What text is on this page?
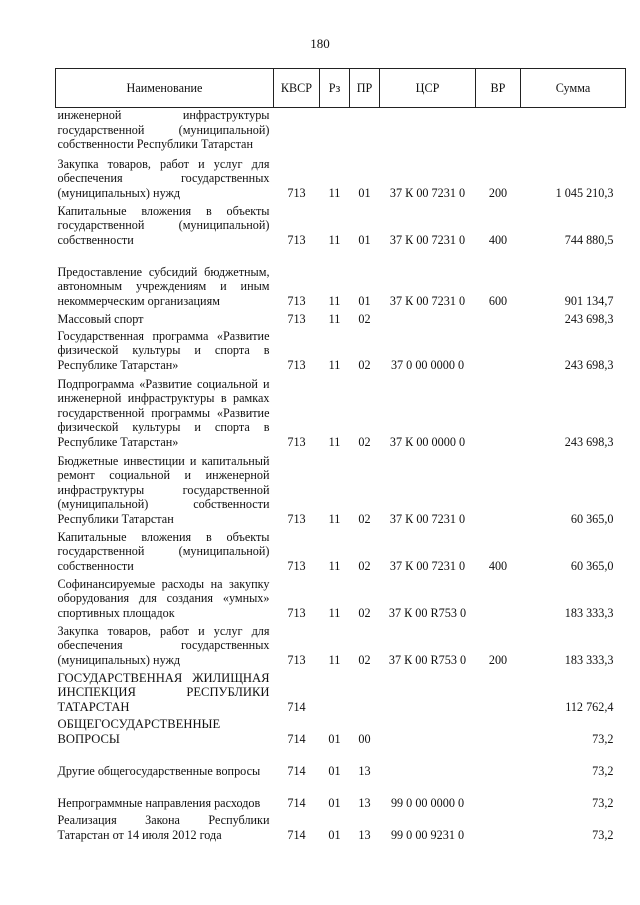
180
Наименование	КВСР	Рз	ПР	ЦСР	ВР	Сумма
инженерной инфраструктуры государственной (муниципальной) собственности Республики Татарстан						
Закупка товаров, работ и услуг для обеспечения государственных (муниципальных) нужд	713	11	01	37 К 00 7231 0	200	1 045 210,3
Капитальные вложения в объекты государственной (муниципальной) собственности	713	11	01	37 К 00 7231 0	400	744 880,5
Предоставление субсидий бюджетным, автономным учреждениям и иным некоммерческим организациям	713	11	01	37 К 00 7231 0	600	901 134,7
Массовый спорт	713	11	02			243 698,3
Государственная программа «Развитие физической культуры и спорта в Республике Татарстан»	713	11	02	37 0 00 0000 0		243 698,3
Подпрограмма «Развитие социальной и инженерной инфраструктуры в рамках государственной программы «Развитие физической культуры и спорта в Республике Татарстан»	713	11	02	37 К 00 0000 0		243 698,3
Бюджетные инвестиции и капитальный ремонт социальной и инженерной инфраструктуры государственной (муниципальной) собственности Республики Татарстан	713	11	02	37 К 00 7231 0		60 365,0
Капитальные вложения в объекты государственной (муниципальной) собственности	713	11	02	37 К 00 7231 0	400	60 365,0
Софинансируемые расходы на закупку оборудования для создания «умных» спортивных площадок	713	11	02	37 К 00 R753 0		183 333,3
Закупка товаров, работ и услуг для обеспечения государственных (муниципальных) нужд	713	11	02	37 К 00 R753 0	200	183 333,3
ГОСУДАРСТВЕННАЯ ЖИЛИЩНАЯ ИНСПЕКЦИЯ РЕСПУБЛИКИ ТАТАРСТАН	714					112 762,4
ОБЩЕГОСУДАРСТВЕННЫЕ ВОПРОСЫ	714	01	00			73,2
Другие общегосударственные вопросы	714	01	13			73,2
Непрограммные направления расходов	714	01	13	99 0 00 0000 0		73,2
Реализация Закона Республики Татарстан от 14 июля 2012 года	714	01	13	99 0 00 9231 0		73,2
